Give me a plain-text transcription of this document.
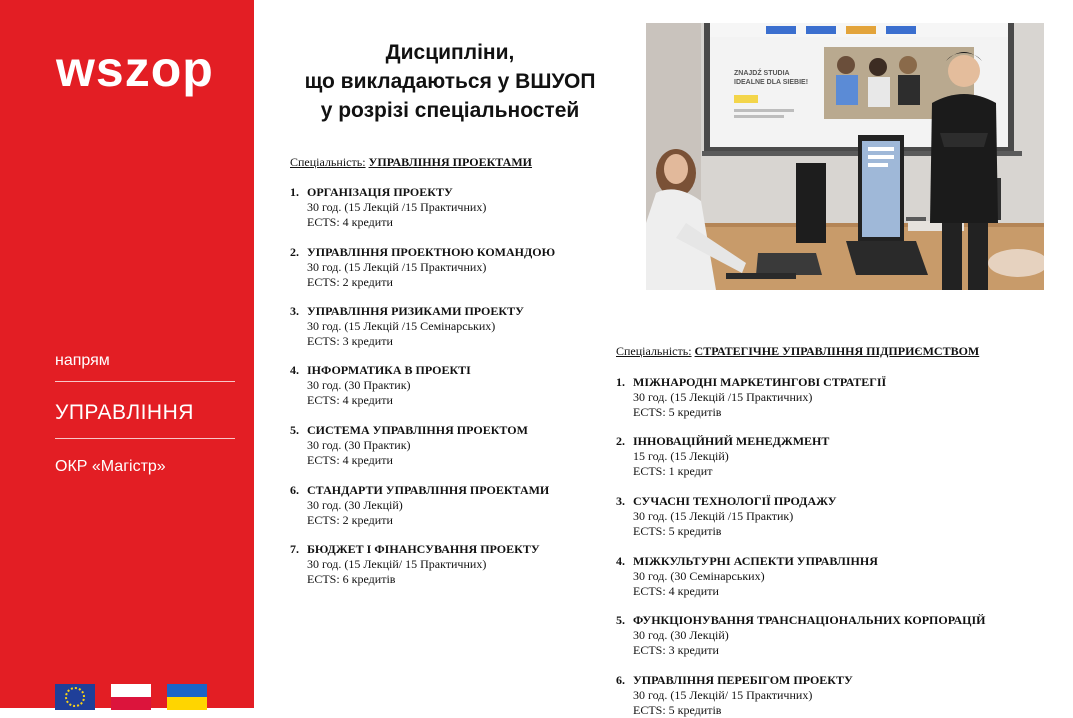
wszop
напрям
УПРАВЛІННЯ
ОКР «Магістр»
Дисципліни,
що викладаються у ВШУОП
у розрізі спеціальностей
Спеціальність: УПРАВЛІННЯ ПРОЕКТАМИ
1. ОРГАНІЗАЦІЯ ПРОЕКТУ
30 год. (15 Лекцій /15 Практичних)
ECTS: 4 кредити
2. УПРАВЛІННЯ ПРОЕКТНОЮ КОМАНДОЮ
30 год. (15 Лекцій /15 Практичних)
ECTS: 2 кредити
3. УПРАВЛІННЯ РИЗИКАМИ ПРОЕКТУ
30 год. (15 Лекцій /15 Семінарських)
ECTS: 3 кредити
4. ІНФОРМАТИКА В ПРОЕКТІ
30 год. (30 Практик)
ECTS: 4 кредити
5. СИСТЕМА УПРАВЛІННЯ ПРОЕКТОМ
30 год. (30 Практик)
ECTS: 4 кредити
6. СТАНДАРТИ УПРАВЛІННЯ ПРОЕКТАМИ
30 год. (30 Лекцій)
ECTS: 2 кредити
7. БЮДЖЕТ І ФІНАНСУВАННЯ ПРОЕКТУ
30 год. (15 Лекцій/ 15 Практичних)
ECTS: 6 кредитів
ZNAJDŹ STUDIA
IDEALNE DLA SIEBIE!
Спеціальність: СТРАТЕГІЧНЕ УПРАВЛІННЯ ПІДПРИЄМСТВОМ
1. МІЖНАРОДНІ МАРКЕТИНГОВІ СТРАТЕГІЇ
30 год. (15 Лекцій /15 Практичних)
ECTS: 5 кредитів
2. ІННОВАЦІЙНИЙ МЕНЕДЖМЕНТ
15 год. (15 Лекцій)
ECTS: 1 кредит
3. СУЧАСНІ ТЕХНОЛОГІЇ ПРОДАЖУ
30 год. (15 Лекцій /15 Практик)
ECTS: 5 кредитів
4. МІЖКУЛЬТУРНІ АСПЕКТИ УПРАВЛІННЯ
30 год. (30 Семінарських)
ECTS: 4 кредити
5. ФУНКЦІОНУВАННЯ ТРАНСНАЦІОНАЛЬНИХ КОРПОРАЦІЙ
30 год. (30 Лекцій)
ECTS: 3 кредити
6. УПРАВЛІННЯ ПЕРЕБІГОМ ПРОЕКТУ
30 год. (15 Лекцій/ 15 Практичних)
ECTS: 5 кредитів
